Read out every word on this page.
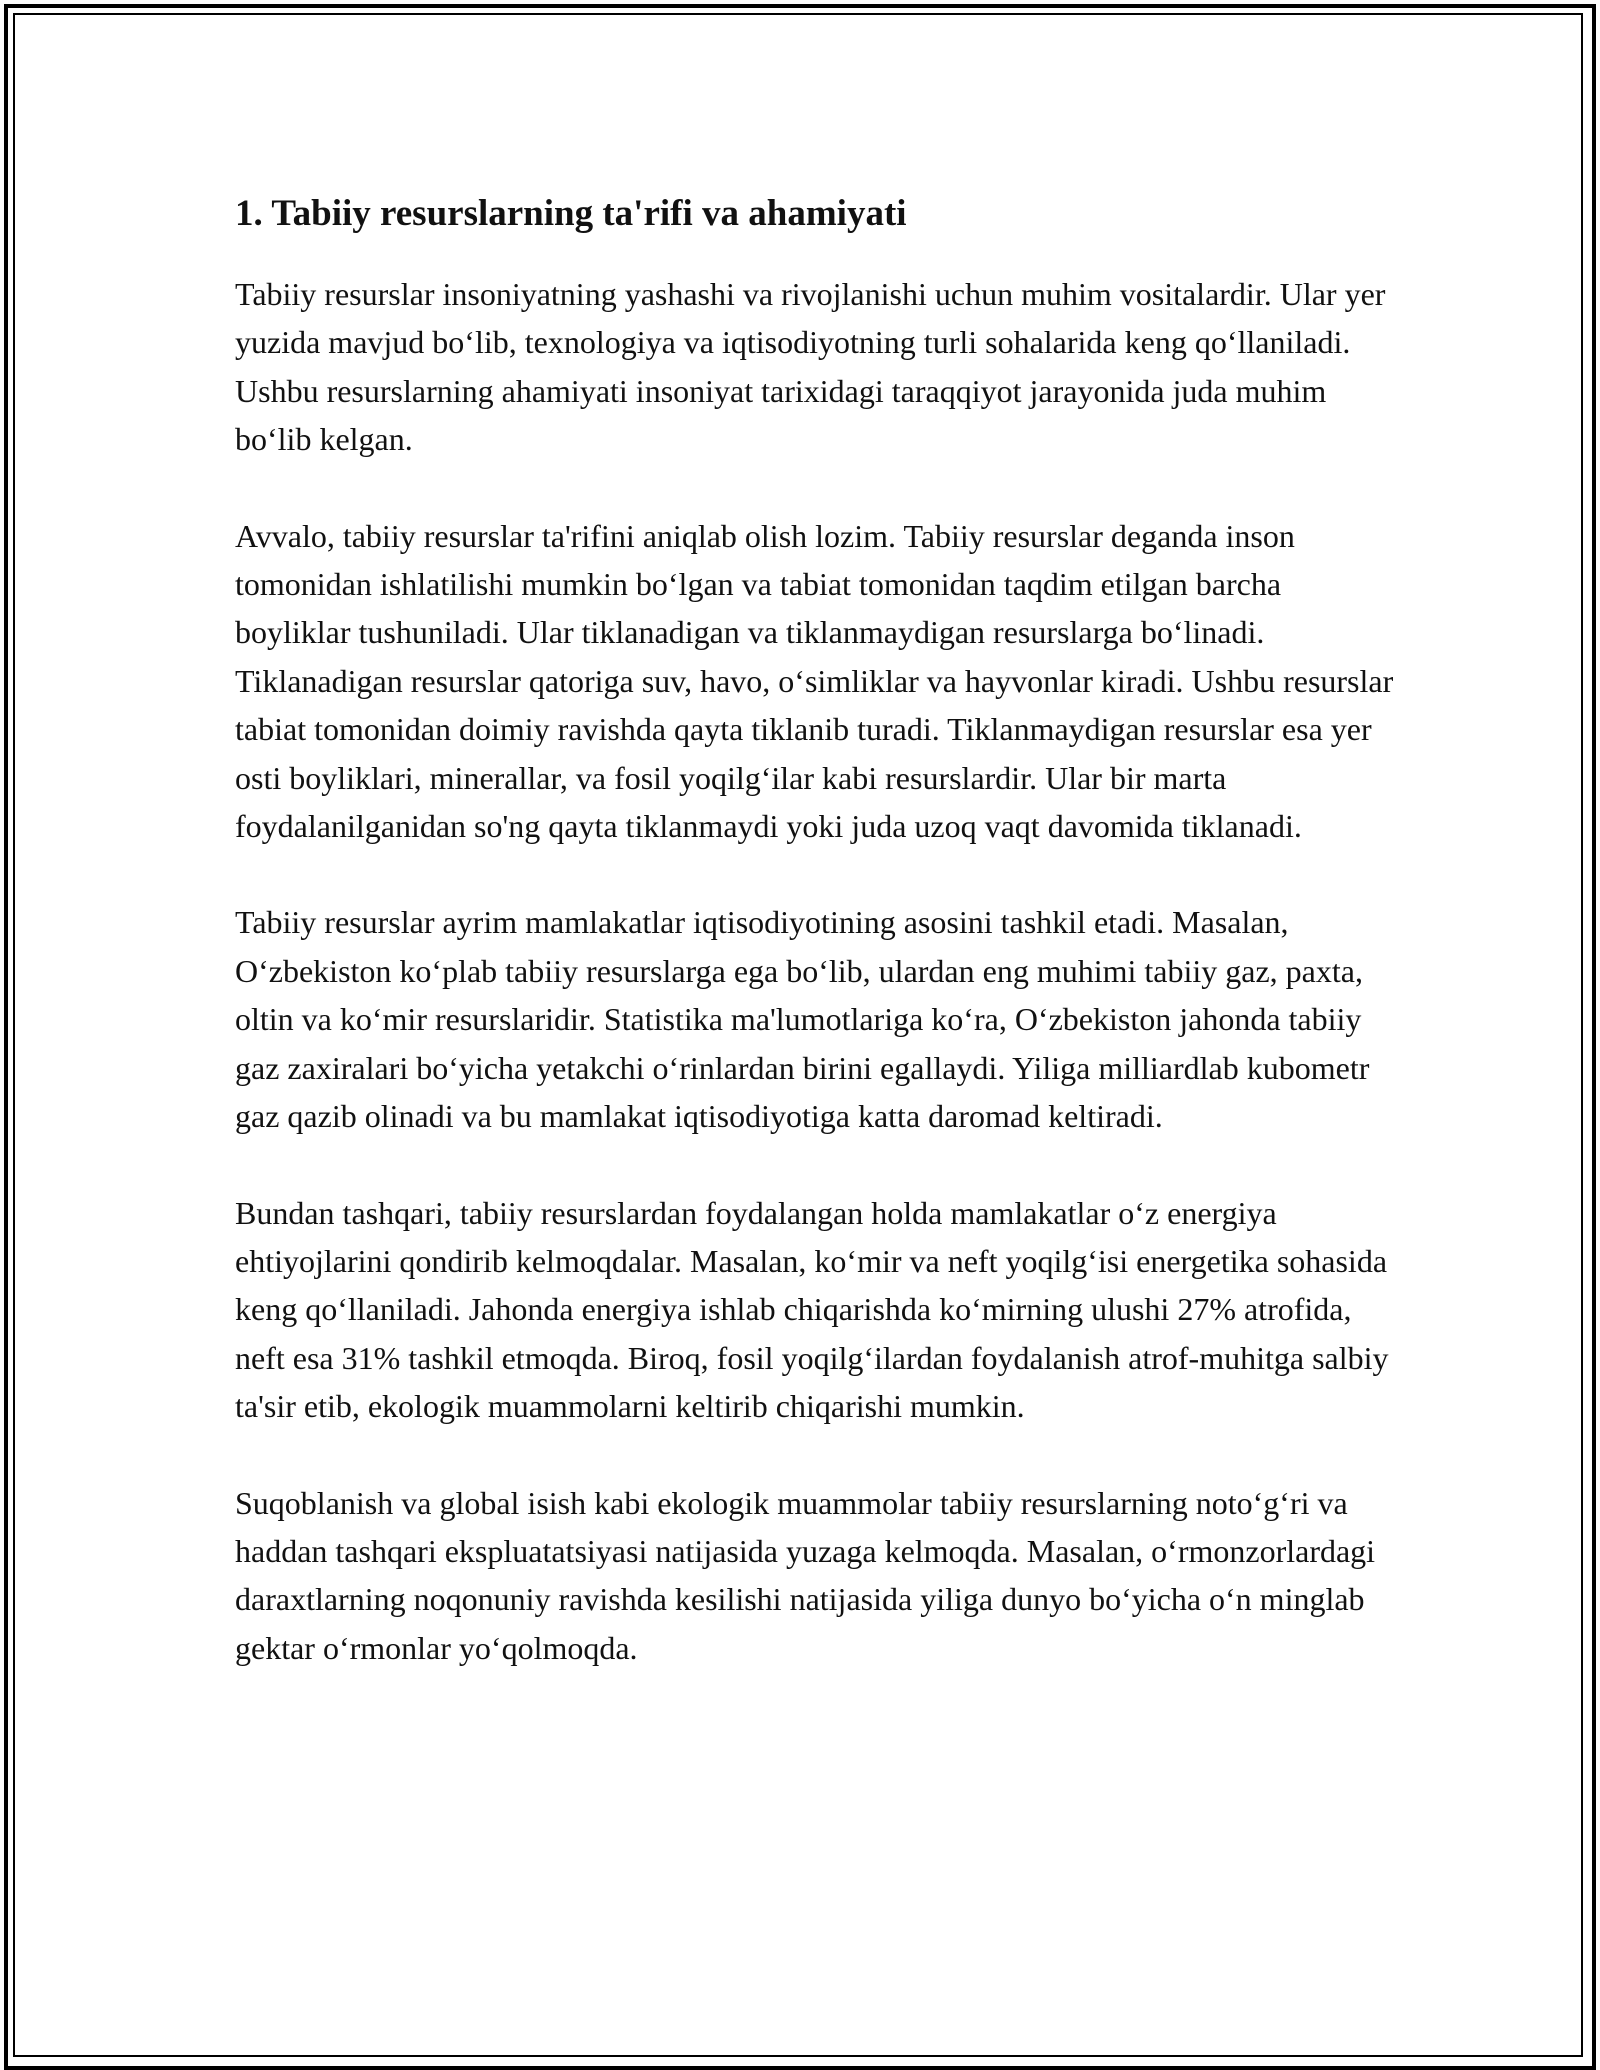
1. Tabiiy resurslarning ta'rifi va ahamiyati

Tabiiy resurslar insoniyatning yashashi va rivojlanishi uchun muhim vositalardir. Ular yer yuzida mavjud bo‘lib, texnologiya va iqtisodiyotning turli sohalarida keng qo‘llaniladi. Ushbu resurslarning ahamiyati insoniyat tarixidagi taraqqiyot jarayonida juda muhim bo‘lib kelgan.

Avvalo, tabiiy resurslar ta'rifini aniqlab olish lozim. Tabiiy resurslar deganda inson tomonidan ishlatilishi mumkin bo‘lgan va tabiat tomonidan taqdim etilgan barcha boyliklar tushuniladi. Ular tiklanadigan va tiklanmaydigan resurslarga bo‘linadi. Tiklanadigan resurslar qatoriga suv, havo, o‘simliklar va hayvonlar kiradi. Ushbu resurslar tabiat tomonidan doimiy ravishda qayta tiklanib turadi. Tiklanmaydigan resurslar esa yer osti boyliklari, minerallar, va fosil yoqilg‘ilar kabi resurslardir. Ular bir marta foydalanilganidan so'ng qayta tiklanmaydi yoki juda uzoq vaqt davomida tiklanadi.

Tabiiy resurslar ayrim mamlakatlar iqtisodiyotining asosini tashkil etadi. Masalan, O‘zbekiston ko‘plab tabiiy resurslarga ega bo‘lib, ulardan eng muhimi tabiiy gaz, paxta, oltin va ko‘mir resurslaridir. Statistika ma'lumotlariga ko‘ra, O‘zbekiston jahonda tabiiy gaz zaxiralari bo‘yicha yetakchi o‘rinlardan birini egallaydi. Yiliga milliardlab kubometr gaz qazib olinadi va bu mamlakat iqtisodiyotiga katta daromad keltiradi.

Bundan tashqari, tabiiy resurslardan foydalangan holda mamlakatlar o‘z energiya ehtiyojlarini qondirib kelmoqdalar. Masalan, ko‘mir va neft yoqilg‘isi energetika sohasida keng qo‘llaniladi. Jahonda energiya ishlab chiqarishda ko‘mirning ulushi 27% atrofida, neft esa 31% tashkil etmoqda. Biroq, fosil yoqilg‘ilardan foydalanish atrof-muhitga salbiy ta'sir etib, ekologik muammolarni keltirib chiqarishi mumkin.

Suqoblanish va global isish kabi ekologik muammolar tabiiy resurslarning noto‘g‘ri va haddan tashqari ekspluatatsiyasi natijasida yuzaga kelmoqda. Masalan, o‘rmonzorlardagi daraxtlarning noqonuniy ravishda kesilishi natijasida yiliga dunyo bo‘yicha o‘n minglab gektar o‘rmonlar yo‘qolmoqda.
